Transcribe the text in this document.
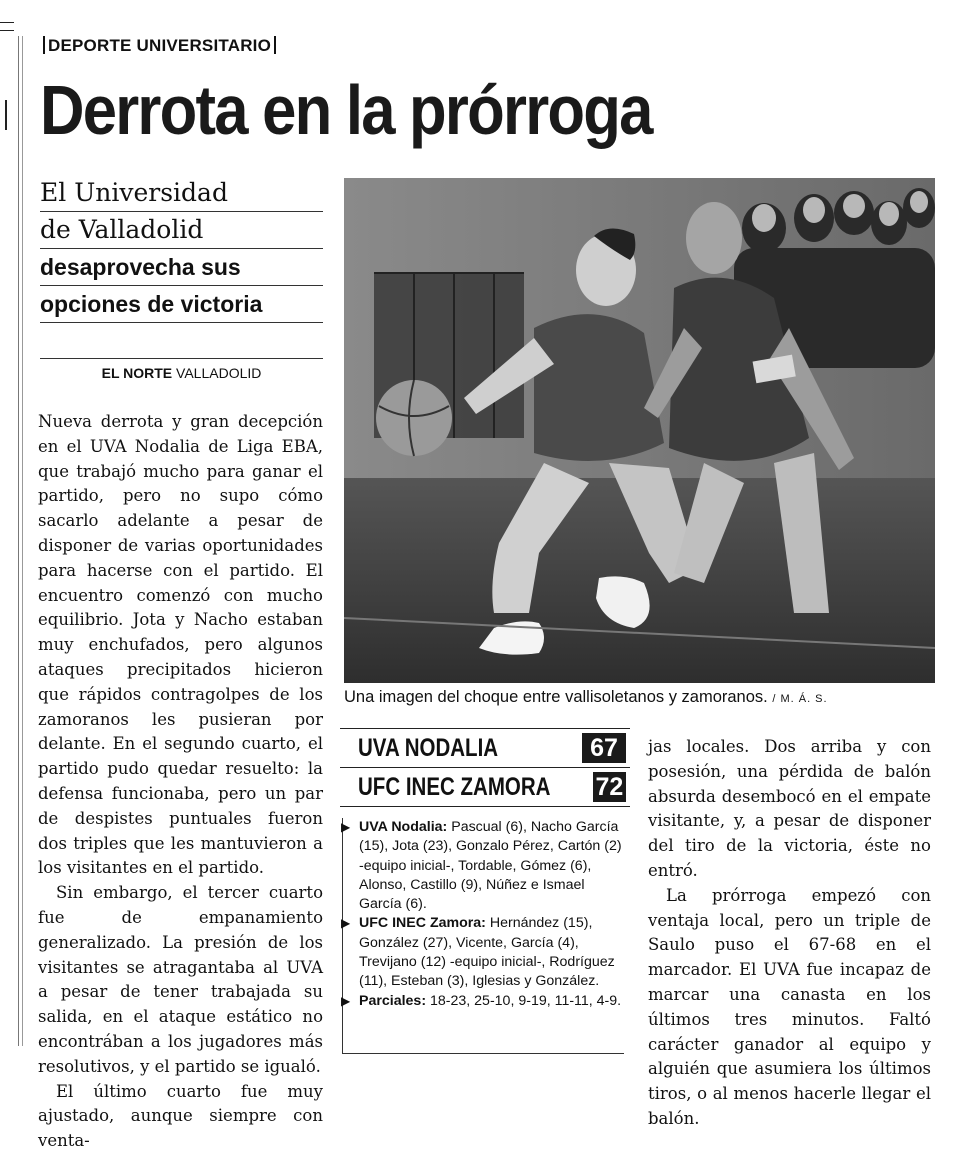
DEPORTE UNIVERSITARIO
Derrota en la prórroga
El Universidad
de Valladolid
desaprovecha sus
opciones de victoria
EL NORTE VALLADOLID

Nueva derrota y gran decepción en el UVA Nodalia de Liga EBA, que trabajó mucho para ganar el partido, pero no supo cómo sacarlo adelante a pesar de disponer de varias oportunidades para hacerse con el partido. El encuentro comenzó con mucho equilibrio. Jota y Nacho estaban muy enchufados, pero algunos ataques precipitados hicieron que rápidos contragolpes de los zamoranos les pusieran por delante. En el segundo cuarto, el partido pudo quedar resuelto: la defensa funcionaba, pero un par de despistes puntuales fueron dos triples que les mantuvieron a los visitantes en el partido.

Sin embargo, el tercer cuarto fue de empanamiento generalizado. La presión de los visitantes se atragantaba al UVA a pesar de tener trabajada su salida, en el ataque estático no encontrában a los jugadores más resolutivos, y el partido se igualó.

El último cuarto fue muy ajustado, aunque siempre con venta-

Una imagen del choque entre vallisoletanos y zamoranos. / M. Á. S.
UVA NODALIA	67
UFC INEC ZAMORA 72
▶ UVA Nodalia: Pascual (6), Nacho García (15), Jota (23), Gonzalo Pérez, Cartón (2) -equipo inicial-, Tordable, Gómez (6), Alonso, Castillo (9), Núñez e Ismael García (6).
▶ UFC INEC Zamora: Hernández (15), González (27), Vicente, García (4), Trevijano (12) -equipo inicial-, Rodríguez (11), Esteban (3), Iglesias y González.
▶ Parciales: 18-23, 25-10, 9-19, 11-11, 4-9.

jas locales. Dos arriba y con posesión, una pérdida de balón absurda desembocó en el empate visitante, y, a pesar de disponer del tiro de la victoria, éste no entró.

La prórroga empezó con ventaja local, pero un triple de Saulo puso el 67-68 en el marcador. El UVA fue incapaz de marcar una canasta en los últimos tres minutos. Faltó carácter ganador al equipo y alguién que asumiera los últimos tiros, o al menos hacerle llegar el balón.
